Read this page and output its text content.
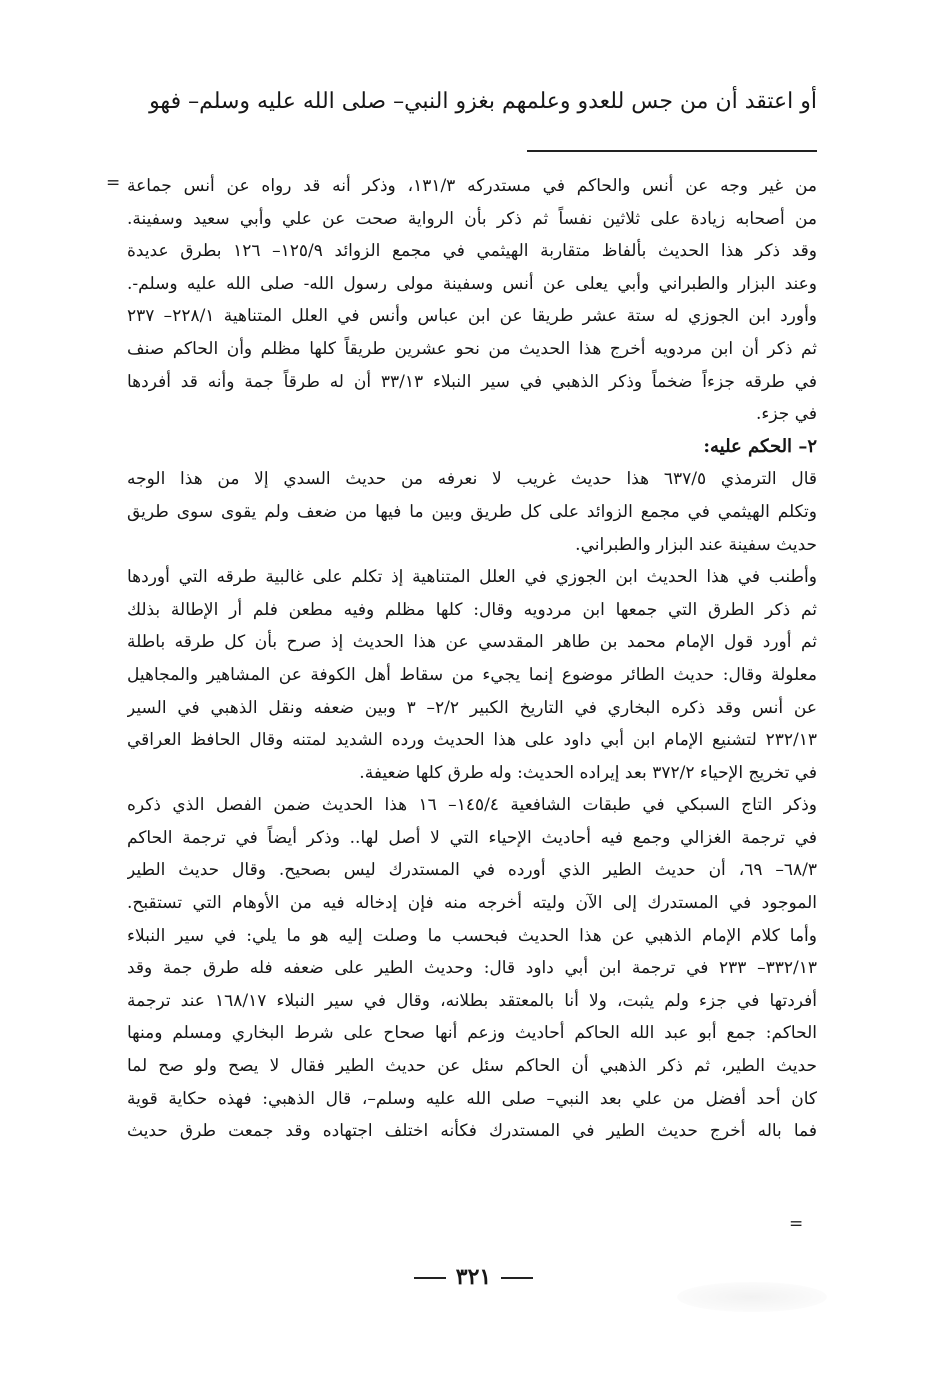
أو اعتقد أن من جس للعدو وعلمهم بغزو النبي– صلى الله عليه وسلم– فهو

= من غير وجه عن أنس والحاكم في مستدركه ١٣١/٣، وذكر أنه قد رواه عن أنس جماعة
من أصحابه زيادة على ثلاثين نفساً ثم ذكر بأن الرواية صحت عن علي وأبي سعيد وسفينة.
وقد ذكر هذا الحديث بألفاظ متقاربة الهيثمي في مجمع الزوائد ١٢٥/٩– ١٢٦ بطرق عديدة
وعند البزار والطبراني وأبي يعلى عن أنس وسفينة مولى رسول الله- صلى الله عليه وسلم-.
وأورد ابن الجوزي له ستة عشر طريقا عن ابن عباس وأنس في العلل المتناهية ٢٢٨/١– ٢٣٧
ثم ذكر أن ابن مردويه أخرج هذا الحديث من نحو عشرين طريقاً كلها مظلم وأن الحاكم صنف
في طرقه جزءاً ضخماً وذكر الذهبي في سير النبلاء ٣٣/١٣ أن له طرقاً جمة وأنه قد أفردها
في جزء.
٢– الحكم عليه:
قال الترمذي ٦٣٧/٥ هذا حديث غريب لا نعرفه من حديث السدي إلا من هذا الوجه
وتكلم الهيثمي في مجمع الزوائد على كل طريق وبين ما فيها من ضعف ولم يقوى سوى طريق
حديث سفينة عند البزار والطبراني.
وأطنب في هذا الحديث ابن الجوزي في العلل المتناهية إذ تكلم على غالبية طرقه التي أوردها
ثم ذكر الطرق التي جمعها ابن مردويه وقال: كلها مظلم وفيه مطعن فلم أر الإطالة بذلك
ثم أورد قول الإمام محمد بن طاهر المقدسي عن هذا الحديث إذ صرح بأن كل طرقه باطلة
معلولة وقال: حديث الطائر موضوع إنما يجيء من سقاط أهل الكوفة عن المشاهير والمجاهيل
عن أنس وقد ذكره البخاري في التاريخ الكبير ٢/٢– ٣ وبين ضعفه ونقل الذهبي في السير
٢٣٢/١٣ لتشنيع الإمام ابن أبي داود على هذا الحديث ورده الشديد لمتنه وقال الحافظ العراقي
في تخريج الإحياء ٣٧٢/٢ بعد إيراده الحديث: وله طرق كلها ضعيفة.
وذكر التاج السبكي في طبقات الشافعية ١٤٥/٤– ١٦ هذا الحديث ضمن الفصل الذي ذكره
في ترجمة الغزالي وجمع فيه أحاديث الإحياء التي لا أصل لها.. وذكر أيضاً في ترجمة الحاكم
٦٨/٣– ٦٩، أن حديث الطير الذي أورده في المستدرك ليس بصحيح. وقال حديث الطير
الموجود في المستدرك إلى الآن وليته أخرجه منه فإن إدخاله فيه من الأوهام التي تستقبح.
وأما كلام الإمام الذهبي عن هذا الحديث فبحسب ما وصلت إليه هو ما يلي: في سير النبلاء
٣٣٢/١٣– ٢٣٣ في ترجمة ابن أبي داود قال: وحديث الطير على ضعفه فله طرق جمة وقد
أفردتها في جزء ولم يثبت، ولا أنا بالمعتقد بطلانه، وقال في سير النبلاء ١٦٨/١٧ عند ترجمة
الحاكم: جمع أبو عبد الله الحاكم أحاديث وزعم أنها صحاح على شرط البخاري ومسلم ومنها
حديث الطير، ثم ذكر الذهبي أن الحاكم سئل عن حديث الطير فقال لا يصح ولو صح لما
كان أحد أفضل من علي بعد النبي– صلى الله عليه وسلم–، قال الذهبي: فهذه حكاية قوية
فما باله أخرج حديث الطير في المستدرك فكأنه اختلف اجتهاده وقد جمعت طرق حديث
=
٣٢١
